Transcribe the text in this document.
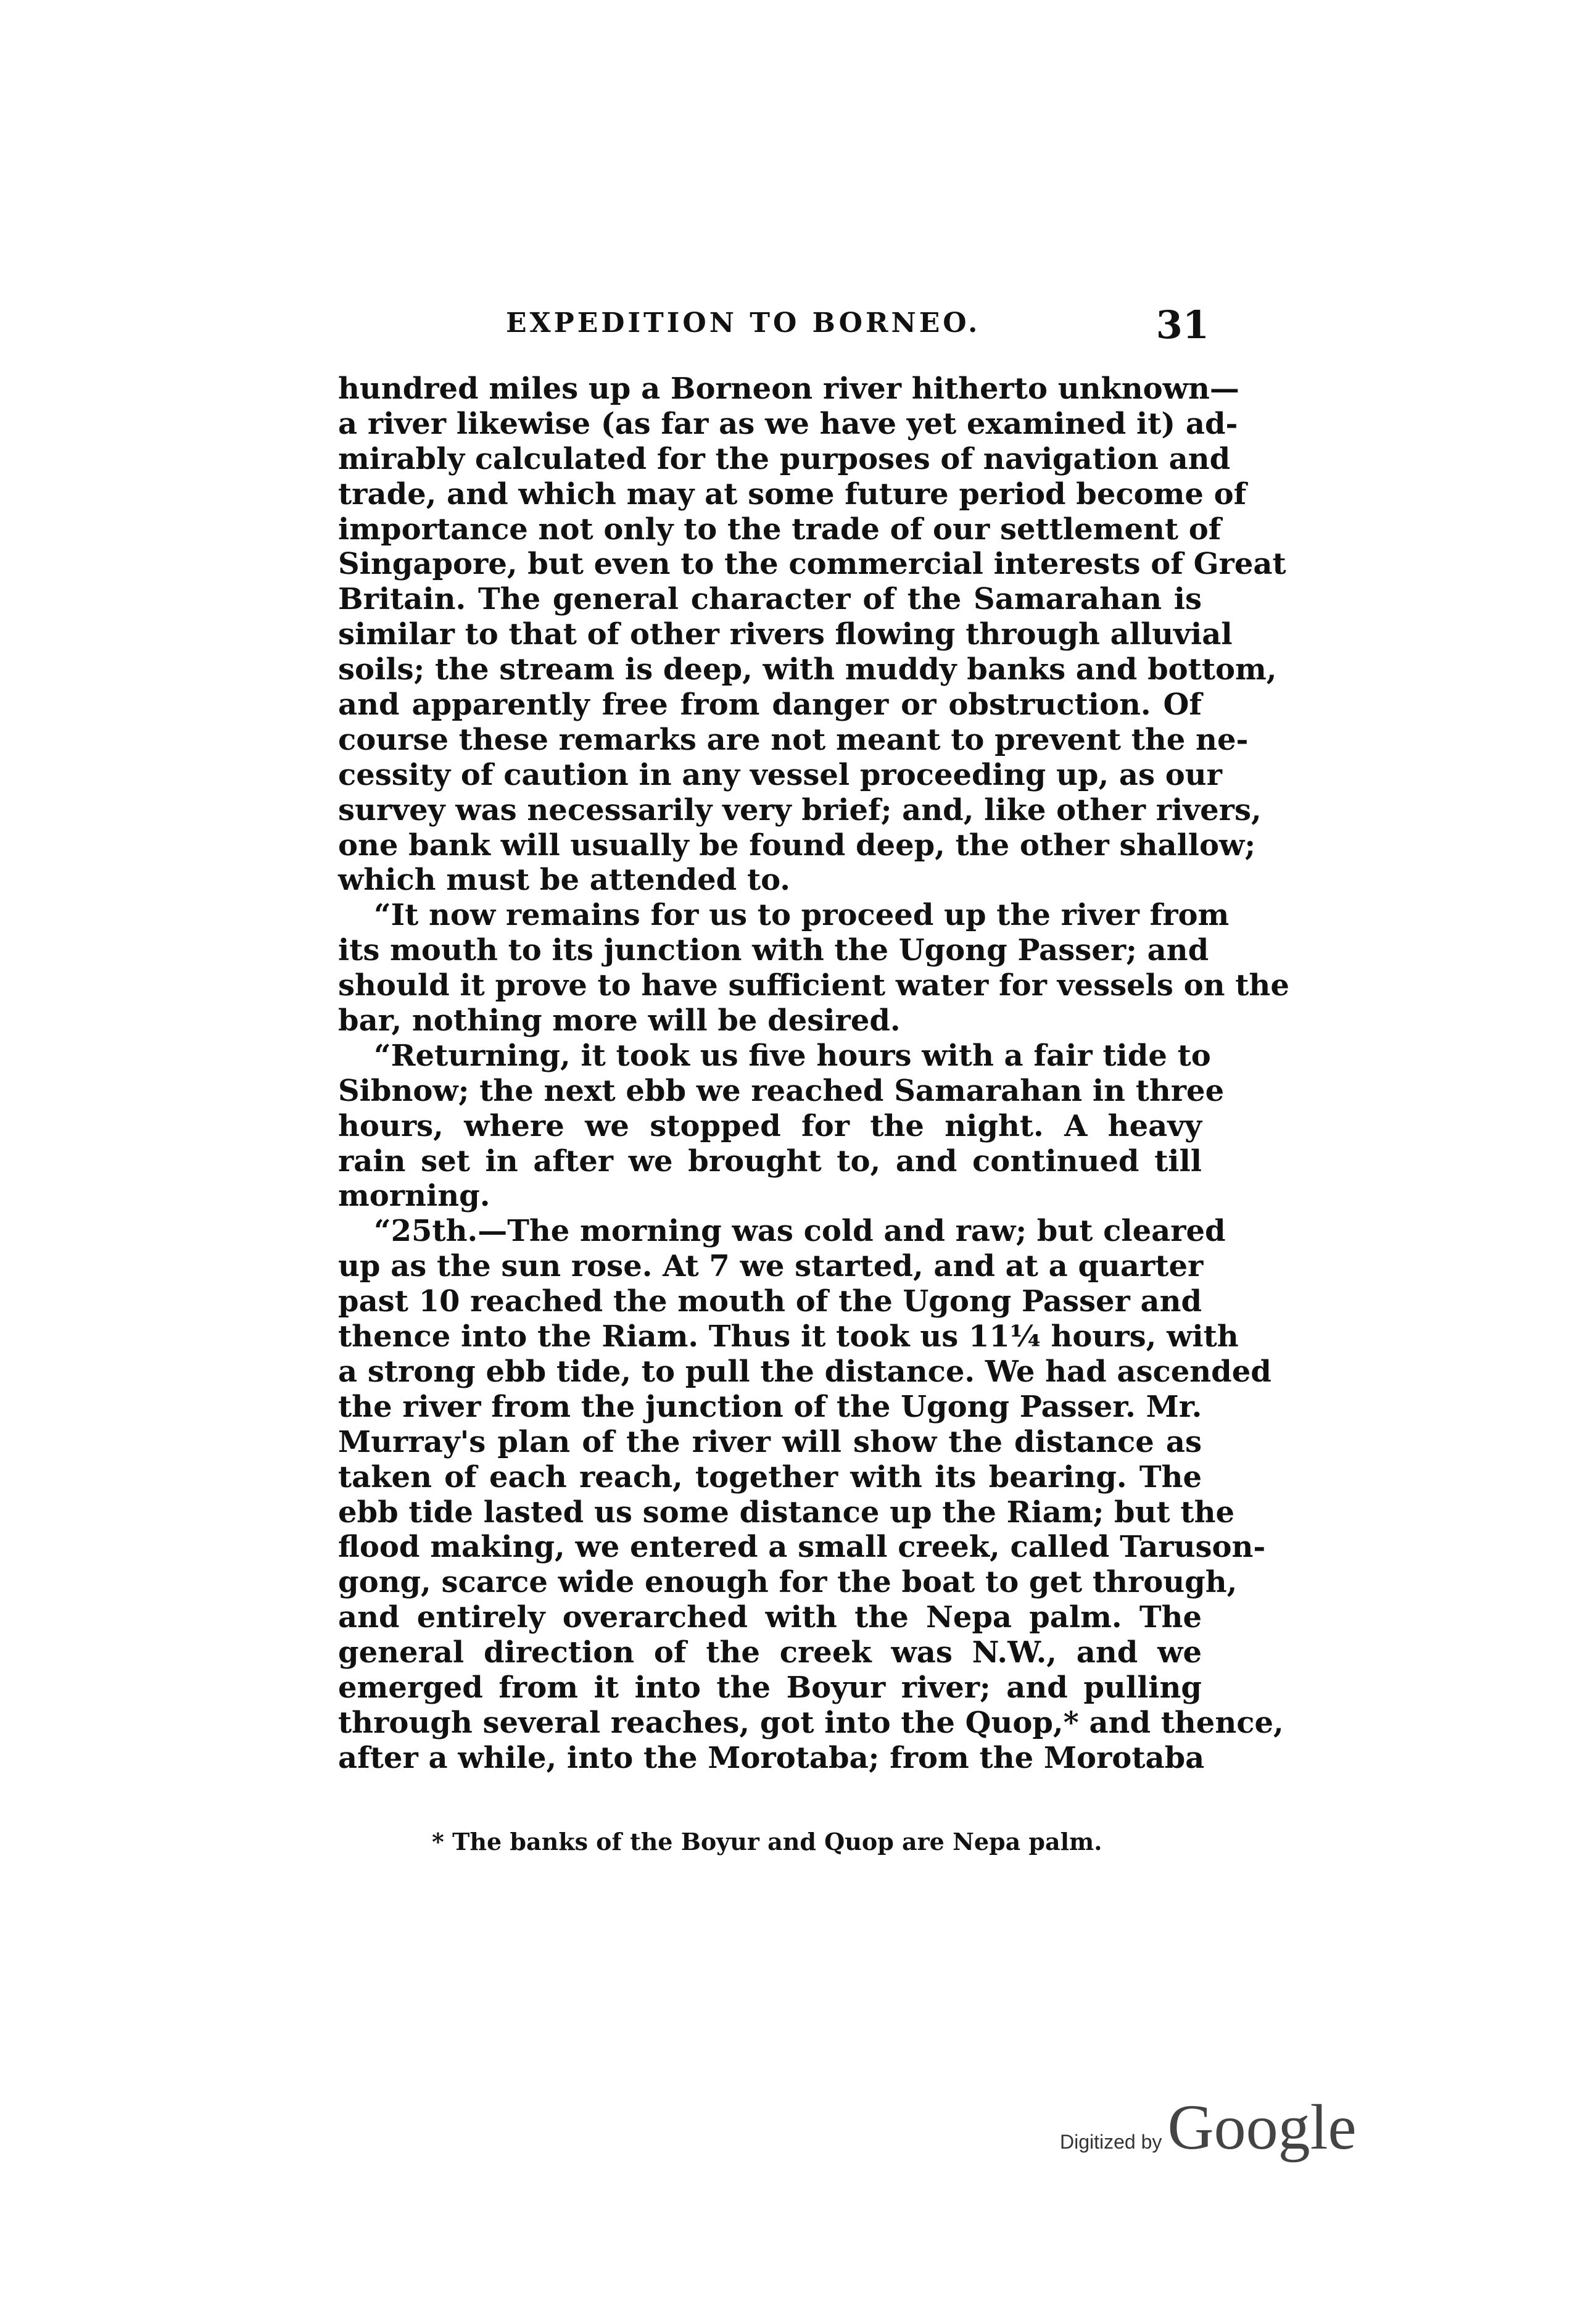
EXPEDITION TO BORNEO.	31
hundred miles up a Borneon river hitherto unknown—
a river likewise (as far as we have yet examined it) ad-
mirably calculated for the purposes of navigation and
trade, and which may at some future period become of
importance not only to the trade of our settlement of
Singapore, but even to the commercial interests of Great
Britain. The general character of the Samarahan is
similar to that of other rivers flowing through alluvial
soils; the stream is deep, with muddy banks and bottom,
and apparently free from danger or obstruction. Of
course these remarks are not meant to prevent the ne-
cessity of caution in any vessel proceeding up, as our
survey was necessarily very brief; and, like other rivers,
one bank will usually be found deep, the other shallow;
which must be attended to.
“It now remains for us to proceed up the river from
its mouth to its junction with the Ugong Passer; and
should it prove to have sufficient water for vessels on the
bar, nothing more will be desired.
“Returning, it took us five hours with a fair tide to
Sibnow; the next ebb we reached Samarahan in three
hours, where we stopped for the night. A heavy
rain set in after we brought to, and continued till
morning.
“25th.—The morning was cold and raw; but cleared
up as the sun rose. At 7 we started, and at a quarter
past 10 reached the mouth of the Ugong Passer and
thence into the Riam. Thus it took us 11¼ hours, with
a strong ebb tide, to pull the distance. We had ascended
the river from the junction of the Ugong Passer. Mr.
Murray's plan of the river will show the distance as
taken of each reach, together with its bearing. The
ebb tide lasted us some distance up the Riam; but the
flood making, we entered a small creek, called Taruson-
gong, scarce wide enough for the boat to get through,
and entirely overarched with the Nepa palm. The
general direction of the creek was N.W., and we
emerged from it into the Boyur river; and pulling
through several reaches, got into the Quop,* and thence,
after a while, into the Morotaba; from the Morotaba
* The banks of the Boyur and Quop are Nepa palm.
Digitized by Google
